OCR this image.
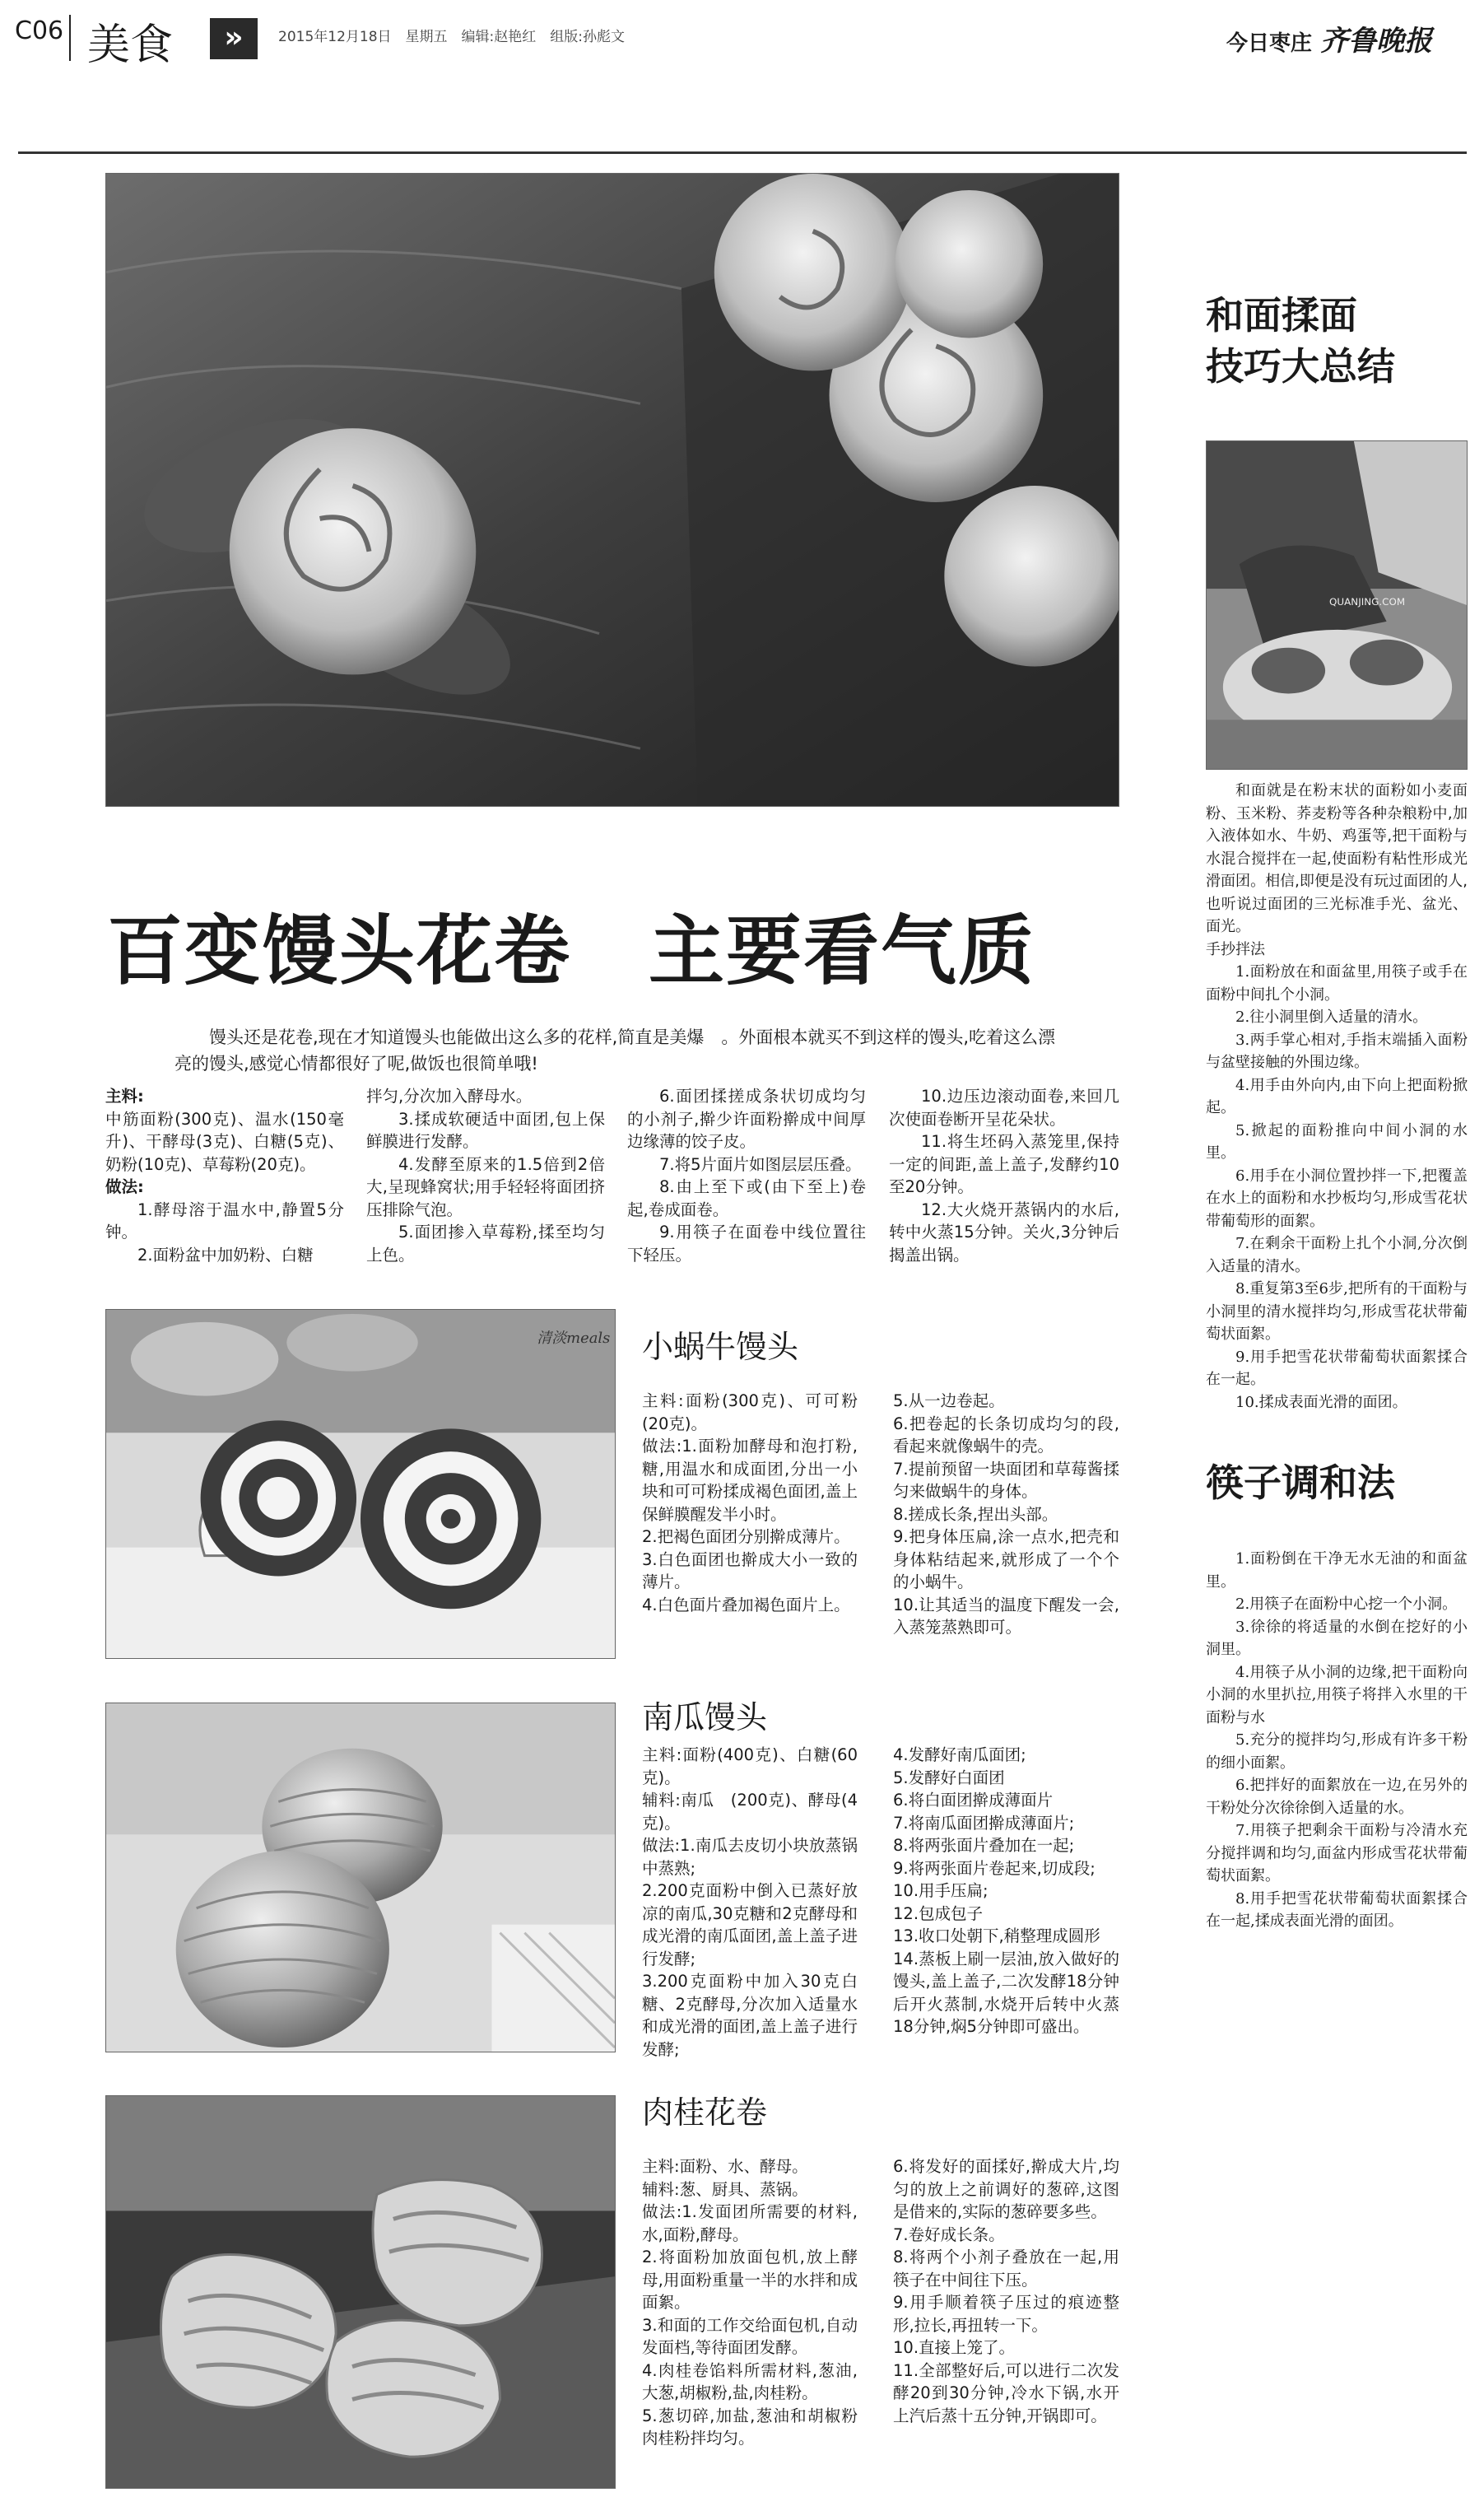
C06 美食	»	2015年12月18日　星期五　编辑:赵艳红　组版:孙彪文	今日枣庄 齐鲁晚报
百变馒头花卷　主要看气质
馒头还是花卷,现在才知道馒头也能做出这么多的花样,简直是美爆　。外面根本就买不到这样的馒头,吃着这么漂亮的馒头,感觉心情都很好了呢,做饭也很简单哦!

主料:

中筋面粉(300克)、温水(150毫升)、干酵母(3克)、白糖(5克)、奶粉(10克)、草莓粉(20克)。

做法:

1.酵母溶于温水中,静置5分钟。

2.面粉盆中加奶粉、白糖

拌匀,分次加入酵母水。

3.揉成软硬适中面团,包上保鲜膜进行发酵。

4.发酵至原来的1.5倍到2倍大,呈现蜂窝状;用手轻轻将面团挤压排除气泡。

5.面团掺入草莓粉,揉至均匀上色。

6.面团揉搓成条状切成均匀的小剂子,擀少许面粉擀成中间厚边缘薄的饺子皮。

7.将5片面片如图层层压叠。

8.由上至下或(由下至上)卷起,卷成面卷。

9.用筷子在面卷中线位置往下轻压。

10.边压边滚动面卷,来回几次使面卷断开呈花朵状。

11.将生坯码入蒸笼里,保持一定的间距,盖上盖子,发酵约10至20分钟。

12.大火烧开蒸锅内的水后,转中火蒸15分钟。关火,3分钟后揭盖出锅。

清淡meals 小蜗牛馒头

主料:面粉(300克)、可可粉(20克)。

做法:1.面粉加酵母和泡打粉,糖,用温水和成面团,分出一小块和可可粉揉成褐色面团,盖上保鲜膜醒发半小时。

2.把褐色面团分别擀成薄片。

3.白色面团也擀成大小一致的薄片。

4.白色面片叠加褐色面片上。

5.从一边卷起。

6.把卷起的长条切成均匀的段,看起来就像蜗牛的壳。

7.提前预留一块面团和草莓酱揉匀来做蜗牛的身体。

8.搓成长条,捏出头部。

9.把身体压扁,涂一点水,把壳和身体粘结起来,就形成了一个个的小蜗牛。

10.让其适当的温度下醒发一会,入蒸笼蒸熟即可。

南瓜馒头

主料:面粉(400克)、白糖(60克)。

辅料:南瓜　(200克)、酵母(4克)。

做法:1.南瓜去皮切小块放蒸锅中蒸熟;

2.200克面粉中倒入已蒸好放凉的南瓜,30克糖和2克酵母和成光滑的南瓜面团,盖上盖子进行发酵;

3.200克面粉中加入30克白糖、2克酵母,分次加入适量水和成光滑的面团,盖上盖子进行发酵;

4.发酵好南瓜面团;

5.发酵好白面团

6.将白面团擀成薄面片

7.将南瓜面团擀成薄面片;

8.将两张面片叠加在一起;

9.将两张面片卷起来,切成段;

10.用手压扁;

12.包成包子

13.收口处朝下,稍整理成圆形

14.蒸板上刷一层油,放入做好的馒头,盖上盖子,二次发酵18分钟后开火蒸制,水烧开后转中火蒸18分钟,焖5分钟即可盛出。

肉桂花卷

主料:面粉、水、酵母。

辅料:葱、厨具、蒸锅。

做法:1.发面团所需要的材料,水,面粉,酵母。

2.将面粉加放面包机,放上酵母,用面粉重量一半的水拌和成面絮。

3.和面的工作交给面包机,自动发面档,等待面团发酵。

4.肉桂卷馅料所需材料,葱油,大葱,胡椒粉,盐,肉桂粉。

5.葱切碎,加盐,葱油和胡椒粉肉桂粉拌均匀。

6.将发好的面揉好,擀成大片,均匀的放上之前调好的葱碎,这图是借来的,实际的葱碎要多些。

7.卷好成长条。

8.将两个小剂子叠放在一起,用筷子在中间往下压。

9.用手顺着筷子压过的痕迹整形,拉长,再扭转一下。

10.直接上笼了。

11.全部整好后,可以进行二次发酵20到30分钟,冷水下锅,水开上汽后蒸十五分钟,开锅即可。

和面揉面
技巧大总结
QUANJING.COM

和面就是在粉末状的面粉如小麦面粉、玉米粉、荞麦粉等各种杂粮粉中,加入液体如水、牛奶、鸡蛋等,把干面粉与水混合搅拌在一起,使面粉有粘性形成光滑面团。相信,即便是没有玩过面团的人,也听说过面团的三光标准手光、盆光、面光。

手抄拌法

1.面粉放在和面盆里,用筷子或手在面粉中间扎个小洞。

2.往小洞里倒入适量的清水。

3.两手掌心相对,手指末端插入面粉与盆壁接触的外围边缘。

4.用手由外向内,由下向上把面粉掀起。

5.掀起的面粉推向中间小洞的水里。

6.用手在小洞位置抄拌一下,把覆盖在水上的面粉和水抄板均匀,形成雪花状带葡萄形的面絮。

7.在剩余干面粉上扎个小洞,分次倒入适量的清水。

8.重复第3至6步,把所有的干面粉与小洞里的清水搅拌均匀,形成雪花状带葡萄状面絮。

9.用手把雪花状带葡萄状面絮揉合在一起。

10.揉成表面光滑的面团。

筷子调和法

1.面粉倒在干净无水无油的和面盆里。

2.用筷子在面粉中心挖一个小洞。

3.徐徐的将适量的水倒在挖好的小洞里。

4.用筷子从小洞的边缘,把干面粉向小洞的水里扒拉,用筷子将拌入水里的干面粉与水

5.充分的搅拌均匀,形成有许多干粉的细小面絮。

6.把拌好的面絮放在一边,在另外的干粉处分次徐徐倒入适量的水。

7.用筷子把剩余干面粉与冷清水充分搅拌调和均匀,面盆内形成雪花状带葡萄状面絮。

8.用手把雪花状带葡萄状面絮揉合在一起,揉成表面光滑的面团。
